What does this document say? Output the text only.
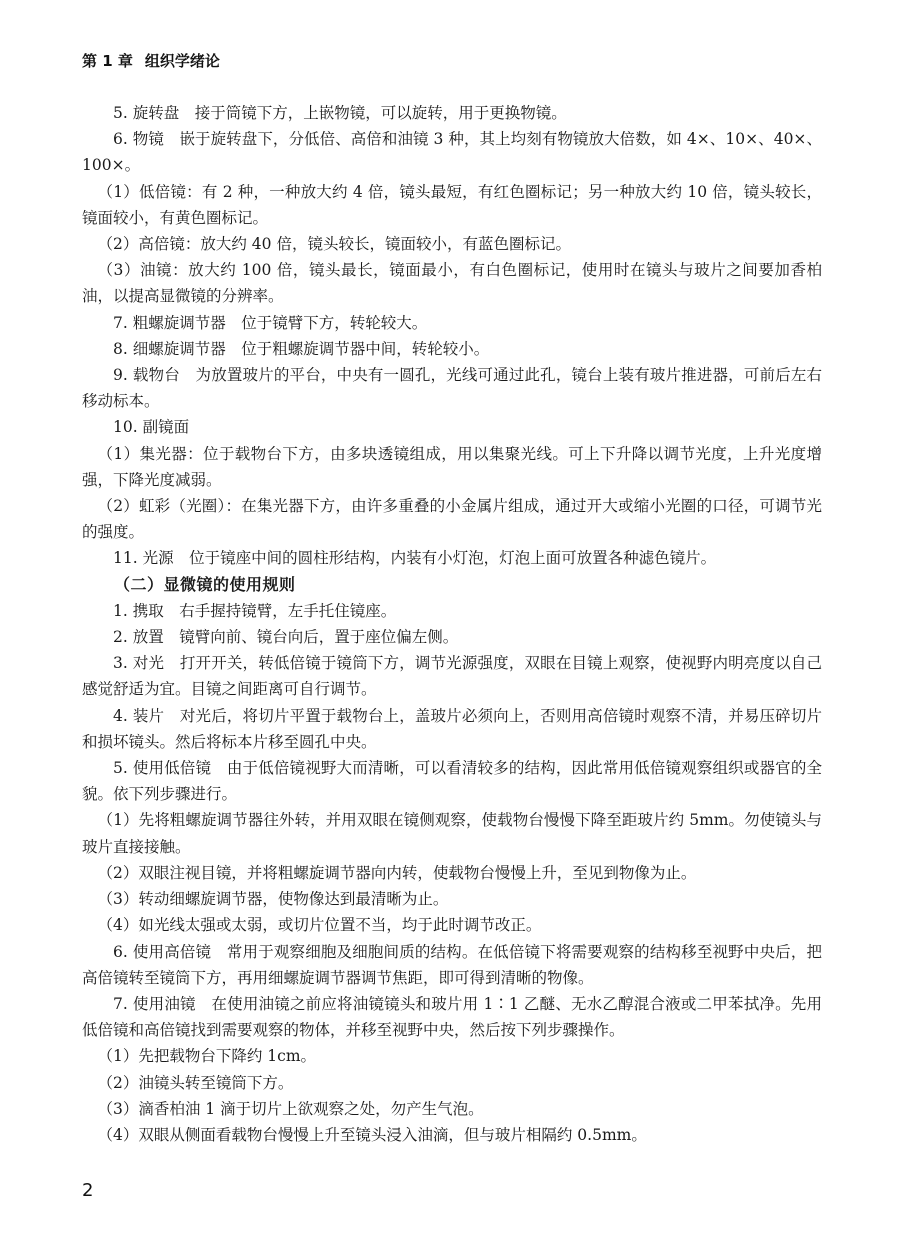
第 1 章 组织学绪论

5. 旋转盘　接于筒镜下方，上嵌物镜，可以旋转，用于更换物镜。

6. 物镜　嵌于旋转盘下，分低倍、高倍和油镜 3 种，其上均刻有物镜放大倍数，如 4×、10×、40×、100×。

（1）低倍镜：有 2 种，一种放大约 4 倍，镜头最短，有红色圈标记；另一种放大约 10 倍，镜头较长，镜面较小，有黄色圈标记。

（2）高倍镜：放大约 40 倍，镜头较长，镜面较小，有蓝色圈标记。

（3）油镜：放大约 100 倍，镜头最长，镜面最小，有白色圈标记，使用时在镜头与玻片之间要加香柏油，以提高显微镜的分辨率。

7. 粗螺旋调节器　位于镜臂下方，转轮较大。

8. 细螺旋调节器　位于粗螺旋调节器中间，转轮较小。

9. 载物台　为放置玻片的平台，中央有一圆孔，光线可通过此孔，镜台上装有玻片推进器，可前后左右移动标本。

10. 副镜面

（1）集光器：位于载物台下方，由多块透镜组成，用以集聚光线。可上下升降以调节光度，上升光度增强，下降光度减弱。

（2）虹彩（光圈）：在集光器下方，由许多重叠的小金属片组成，通过开大或缩小光圈的口径，可调节光的强度。

11. 光源　位于镜座中间的圆柱形结构，内装有小灯泡，灯泡上面可放置各种滤色镜片。

（二）显微镜的使用规则

1. 携取　右手握持镜臂，左手托住镜座。

2. 放置　镜臂向前、镜台向后，置于座位偏左侧。

3. 对光　打开开关，转低倍镜于镜筒下方，调节光源强度，双眼在目镜上观察，使视野内明亮度以自己感觉舒适为宜。目镜之间距离可自行调节。

4. 装片　对光后，将切片平置于载物台上，盖玻片必须向上，否则用高倍镜时观察不清，并易压碎切片和损坏镜头。然后将标本片移至圆孔中央。

5. 使用低倍镜　由于低倍镜视野大而清晰，可以看清较多的结构，因此常用低倍镜观察组织或器官的全貌。依下列步骤进行。

（1）先将粗螺旋调节器往外转，并用双眼在镜侧观察，使载物台慢慢下降至距玻片约 5mm。勿使镜头与玻片直接接触。

（2）双眼注视目镜，并将粗螺旋调节器向内转，使载物台慢慢上升，至见到物像为止。

（3）转动细螺旋调节器，使物像达到最清晰为止。

（4）如光线太强或太弱，或切片位置不当，均于此时调节改正。

6. 使用高倍镜　常用于观察细胞及细胞间质的结构。在低倍镜下将需要观察的结构移至视野中央后，把高倍镜转至镜筒下方，再用细螺旋调节器调节焦距，即可得到清晰的物像。

7. 使用油镜　在使用油镜之前应将油镜镜头和玻片用 1∶1 乙醚、无水乙醇混合液或二甲苯拭净。先用低倍镜和高倍镜找到需要观察的物体，并移至视野中央，然后按下列步骤操作。

（1）先把载物台下降约 1cm。

（2）油镜头转至镜筒下方。

（3）滴香柏油 1 滴于切片上欲观察之处，勿产生气泡。

（4）双眼从侧面看载物台慢慢上升至镜头浸入油滴，但与玻片相隔约 0.5mm。

2
